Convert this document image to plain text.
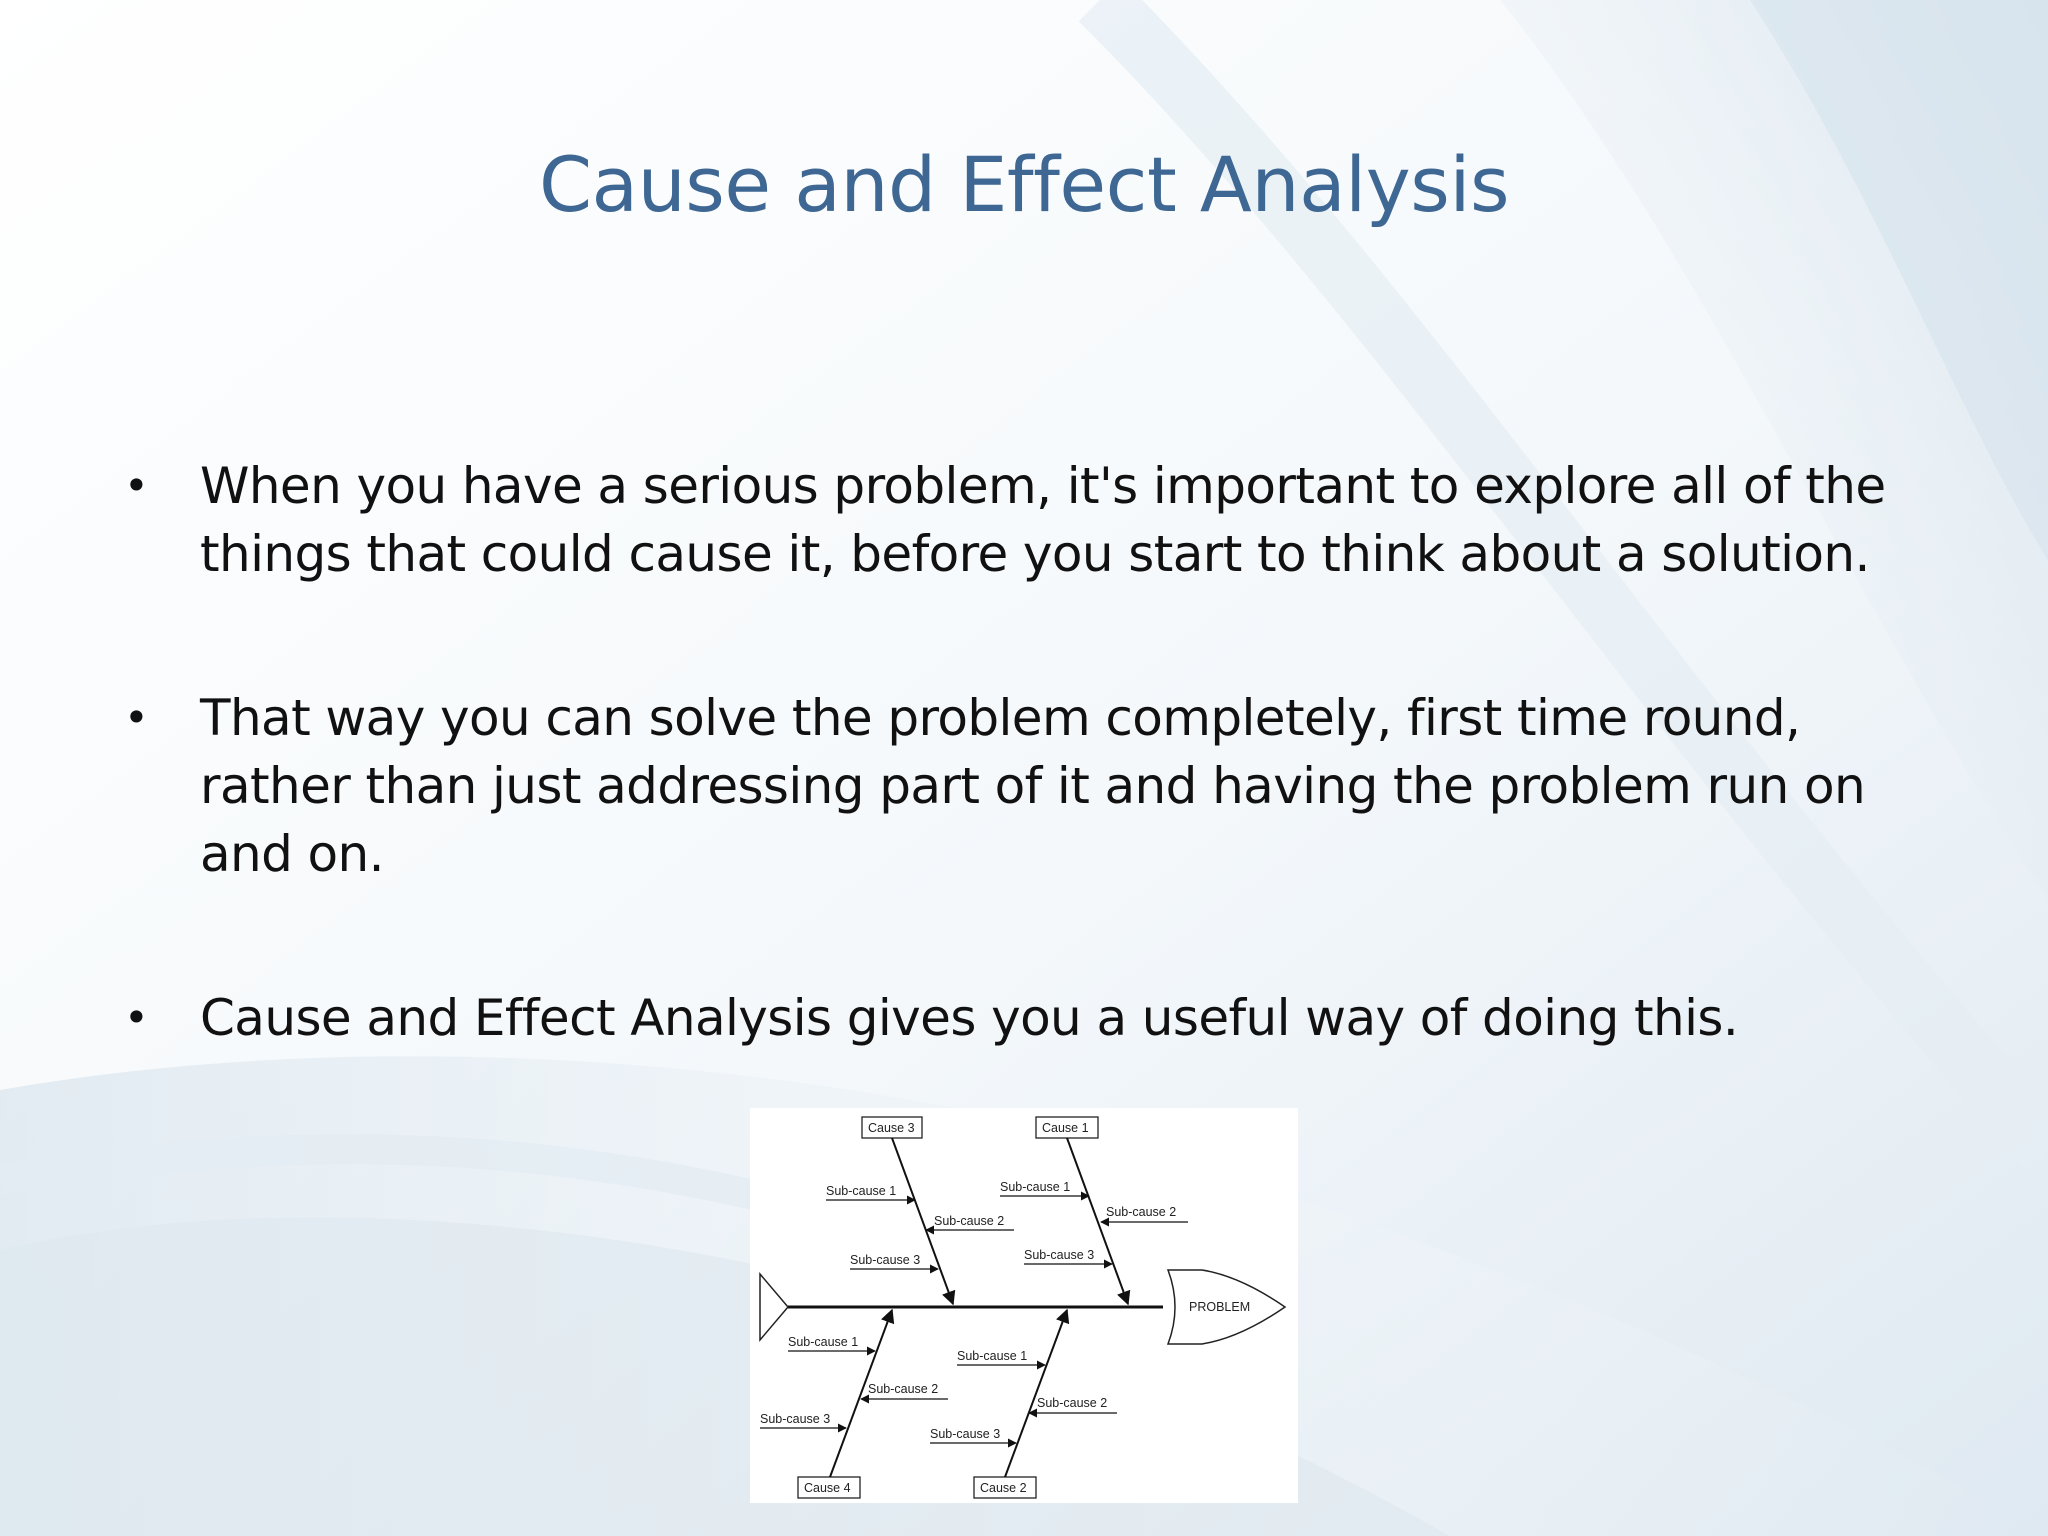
Cause and Effect Analysis
• When you have a serious problem, it's important to explore all of the things that could cause it, before you start to think about a solution.
• That way you can solve the problem completely, first time round, rather than just addressing part of it and having the problem run on and on.
• Cause and Effect Analysis gives you a useful way of doing this.
PROBLEM
Cause 3
Sub-cause 1
Sub-cause 2
Sub-cause 3
Cause 1
Sub-cause 1
Sub-cause 2
Sub-cause 3
Cause 4
Sub-cause 1
Sub-cause 2
Sub-cause 3
Cause 2
Sub-cause 1
Sub-cause 2
Sub-cause 3
